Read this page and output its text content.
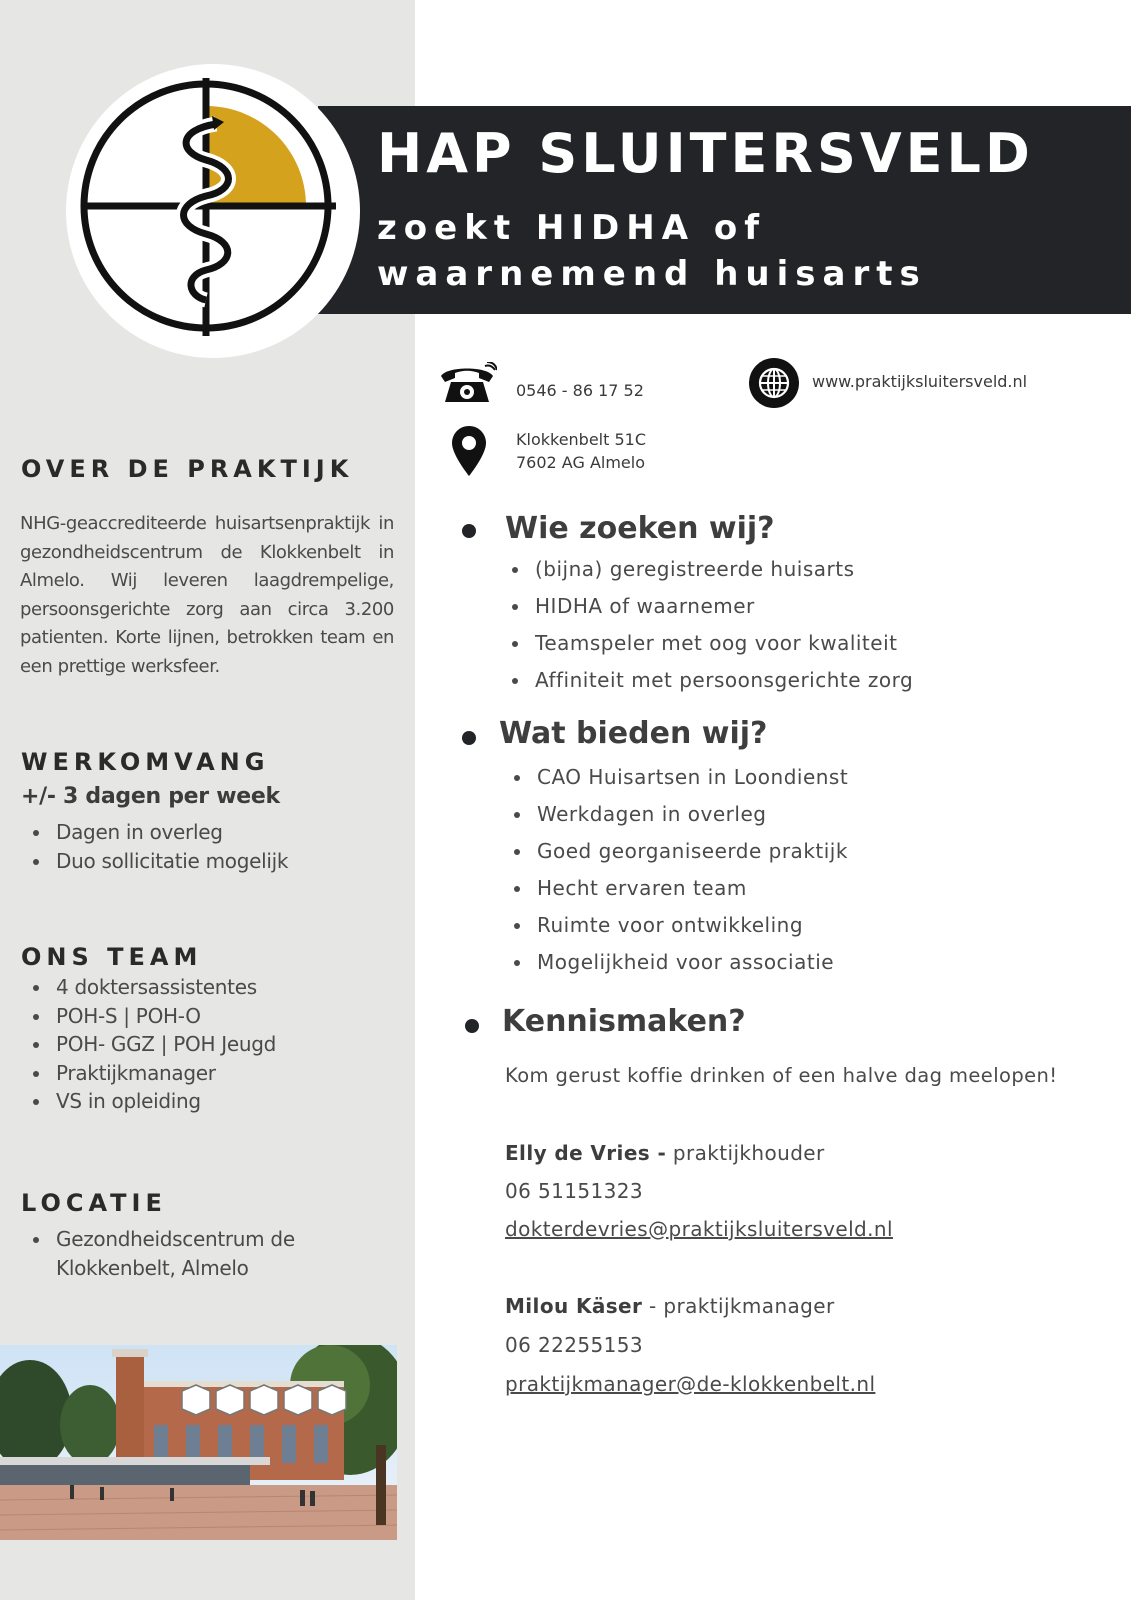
HAP SLUITERSVELD
zoekt HIDHA of waarnemend huisarts
0546 - 86 17 52	www.praktijksluitersveld.nl
Klokkenbelt 51C
7602 AG Almelo
OVER DE PRAKTIJK
NHG-geaccrediteerde huisartsenpraktijk in gezondheidscentrum de Klokkenbelt in Almelo. Wij leveren laagdrempelige, persoonsgerichte zorg aan circa 3.200 patienten. Korte lijnen, betrokken team en een prettige werksfeer.
WERKOMVANG
+/- 3 dagen per week
Dagen in overleg
Duo sollicitatie mogelijk
ONS TEAM
4 doktersassistentes
POH-S | POH-O
POH- GGZ | POH Jeugd
Praktijkmanager
VS in opleiding
LOCATIE
Gezondheidscentrum de
Klokkenbelt, Almelo
Wie zoeken wij?
(bijna) geregistreerde huisarts
HIDHA of waarnemer
Teamspeler met oog voor kwaliteit
Affiniteit met persoonsgerichte zorg
Wat bieden wij?
CAO Huisartsen in Loondienst
Werkdagen in overleg
Goed georganiseerde praktijk
Hecht ervaren team
Ruimte voor ontwikkeling
Mogelijkheid voor associatie
Kennismaken?
Kom gerust koffie drinken of een halve dag meelopen!
Elly de Vries - praktijkhouder
06 51151323
dokterdevries@praktijksluitersveld.nl
Milou Käser - praktijkmanager
06 22255153
praktijkmanager@de-klokkenbelt.nl
